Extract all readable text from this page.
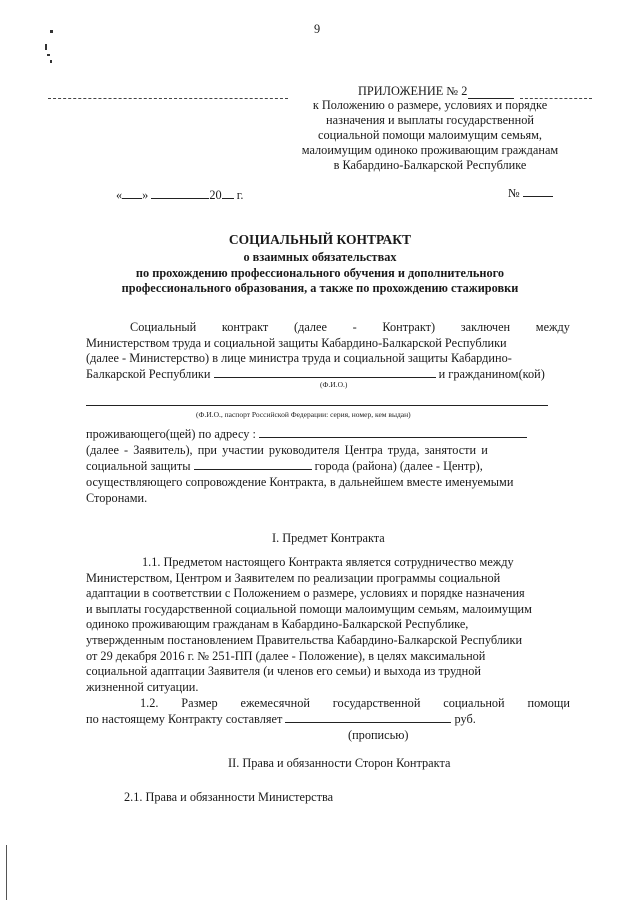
9
ПРИЛОЖЕНИЕ № 2
к Положению о размере, условиях и порядке
назначения и выплаты государственной
социальной помощи малоимущим семьям,
малоимущим одиноко проживающим гражданам
в Кабардино-Балкарской Республике
« »	20 г.	№
СОЦИАЛЬНЫЙ КОНТРАКТ
о взаимных обязательствах
по прохождению профессионального обучения и дополнительного
профессионального образования, а также по прохождению стажировки
Социальный контракт (далее - Контракт) заключен между
Министерством труда и социальной защиты Кабардино-Балкарской Республики
(далее - Министерство) в лице министра труда и социальной защиты Кабардино-
Балкарской Республики	и гражданином(кой)
(Ф.И.О.)
(Ф.И.О., паспорт Российской Федерации: серия, номер, кем выдан)
проживающего(щей) по адресу :
(далее - Заявитель), при участии руководителя Центра труда, занятости и
социальной защиты	города (района) (далее - Центр),
осуществляющего сопровождение Контракта, в дальнейшем вместе именуемыми
Сторонами.
I. Предмет Контракта
1.1. Предметом настоящего Контракта является сотрудничество между
Министерством, Центром и Заявителем по реализации программы социальной
адаптации в соответствии с Положением о размере, условиях и порядке назначения
и выплаты государственной социальной помощи малоимущим семьям, малоимущим
одиноко проживающим гражданам в Кабардино-Балкарской Республике,
утвержденным постановлением Правительства Кабардино-Балкарской Республики
от 29 декабря 2016 г. № 251-ПП (далее - Положение), в целях максимальной
социальной адаптации Заявителя (и членов его семьи) и выхода из трудной
жизненной ситуации.
1.2. Размер ежемесячной государственной социальной помощи
по настоящему Контракту составляет	руб.
(прописью)
II. Права и обязанности Сторон Контракта
2.1. Права и обязанности Министерства
